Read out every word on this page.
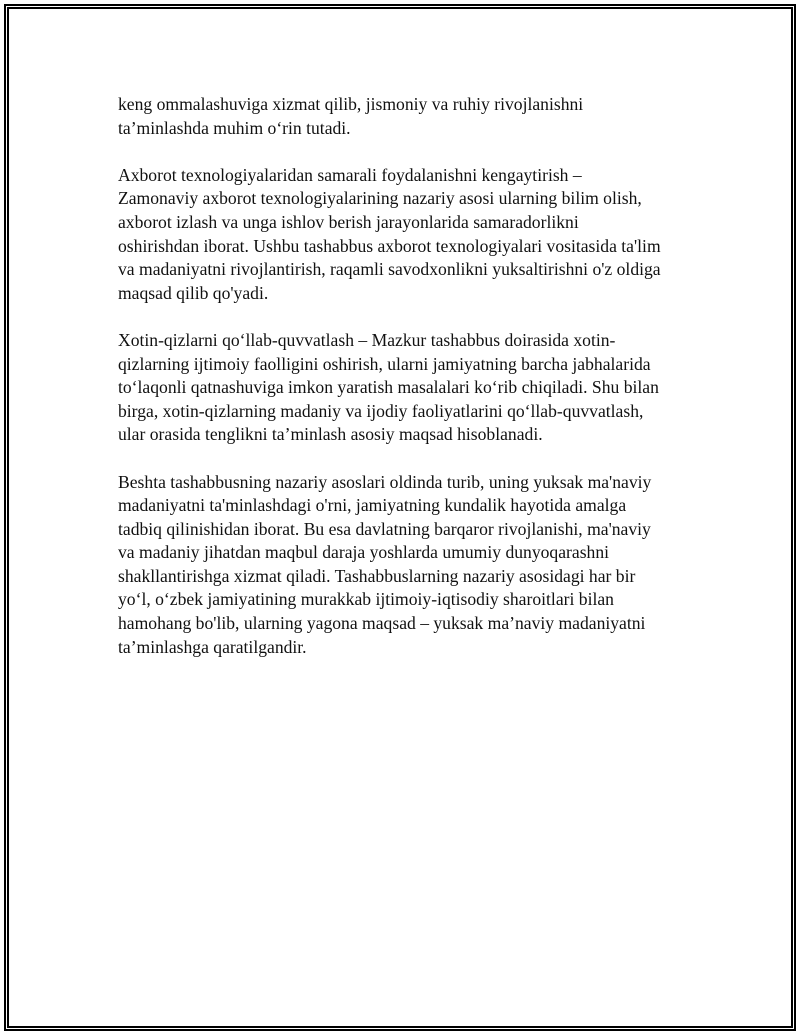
keng ommalashuviga xizmat qilib, jismoniy va ruhiy rivojlanishni
ta’minlashda muhim o‘rin tutadi.

Axborot texnologiyalaridan samarali foydalanishni kengaytirish –
Zamonaviy axborot texnologiyalarining nazariy asosi ularning bilim olish,
axborot izlash va unga ishlov berish jarayonlarida samaradorlikni
oshirishdan iborat. Ushbu tashabbus axborot texnologiyalari vositasida ta'lim
va madaniyatni rivojlantirish, raqamli savodxonlikni yuksaltirishni o'z oldiga
maqsad qilib qo'yadi.

Xotin-qizlarni qo‘llab-quvvatlash – Mazkur tashabbus doirasida xotin-
qizlarning ijtimoiy faolligini oshirish, ularni jamiyatning barcha jabhalarida
to‘laqonli qatnashuviga imkon yaratish masalalari ko‘rib chiqiladi. Shu bilan
birga, xotin-qizlarning madaniy va ijodiy faoliyatlarini qo‘llab-quvvatlash,
ular orasida tenglikni ta’minlash asosiy maqsad hisoblanadi.

Beshta tashabbusning nazariy asoslari oldinda turib, uning yuksak ma'naviy
madaniyatni ta'minlashdagi o'rni, jamiyatning kundalik hayotida amalga
tadbiq qilinishidan iborat. Bu esa davlatning barqaror rivojlanishi, ma'naviy
va madaniy jihatdan maqbul daraja yoshlarda umumiy dunyoqarashni
shakllantirishga xizmat qiladi. Tashabbuslarning nazariy asosidagi har bir
yo‘l, o‘zbek jamiyatining murakkab ijtimoiy-iqtisodiy sharoitlari bilan
hamohang bo'lib, ularning yagona maqsad – yuksak ma’naviy madaniyatni
ta’minlashga qaratilgandir.
